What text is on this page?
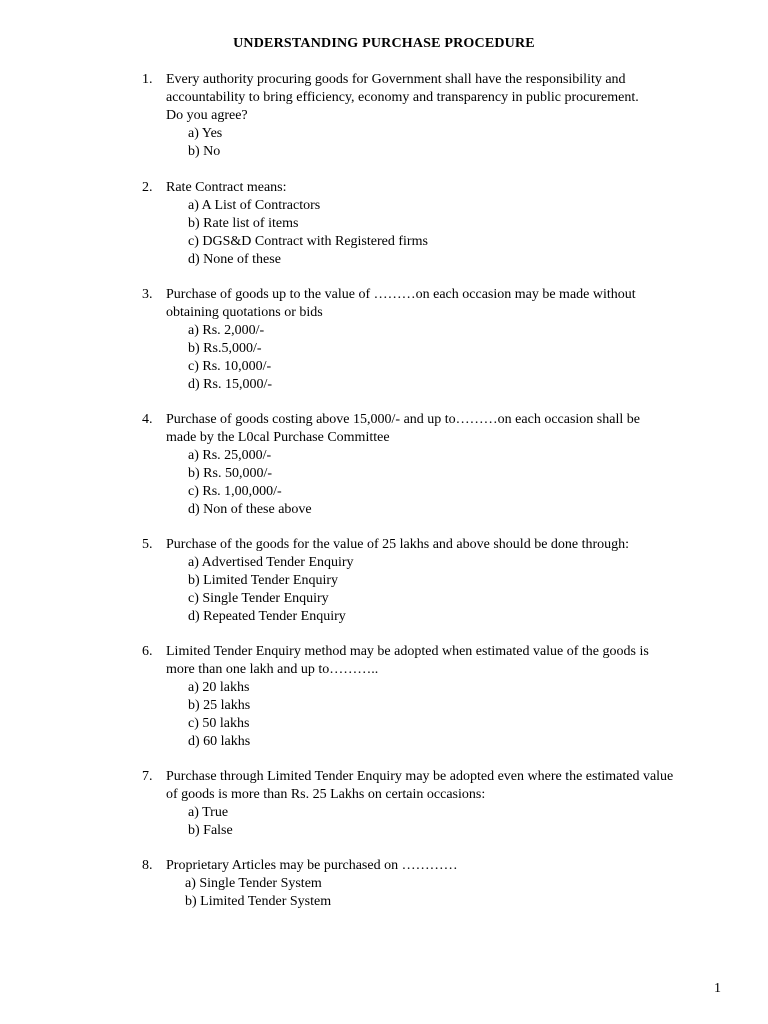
UNDERSTANDING PURCHASE PROCEDURE
1. Every authority procuring goods for Government shall have the responsibility and
accountability to bring efficiency, economy and transparency in public procurement.
Do you agree?
a) Yes
b) No
2. Rate Contract means:
a) A List of Contractors
b) Rate list of items
c) DGS&D Contract with Registered firms
d) None of these
3. Purchase of goods up to the value of ………on each occasion may be made without
obtaining quotations or bids
a) Rs. 2,000/-
b) Rs.5,000/-
c) Rs. 10,000/-
d) Rs. 15,000/-
4. Purchase of goods costing above 15,000/- and up to………on each occasion shall be
made by the L0cal Purchase Committee
a) Rs. 25,000/-
b) Rs. 50,000/-
c) Rs. 1,00,000/-
d) Non of these above
5. Purchase of the goods for the value of 25 lakhs and above should be done through:
a) Advertised Tender Enquiry
b) Limited Tender Enquiry
c) Single Tender Enquiry
d) Repeated Tender Enquiry
6. Limited Tender Enquiry method may be adopted when estimated value of the goods is
more than one lakh and up to………..
a) 20 lakhs
b) 25 lakhs
c) 50 lakhs
d) 60 lakhs
7. Purchase through Limited Tender Enquiry may be adopted even where the estimated value
of goods is more than Rs. 25 Lakhs on certain occasions:
a) True
b) False
8. Proprietary Articles may be purchased on …………
a) Single Tender System
b) Limited Tender System
1
